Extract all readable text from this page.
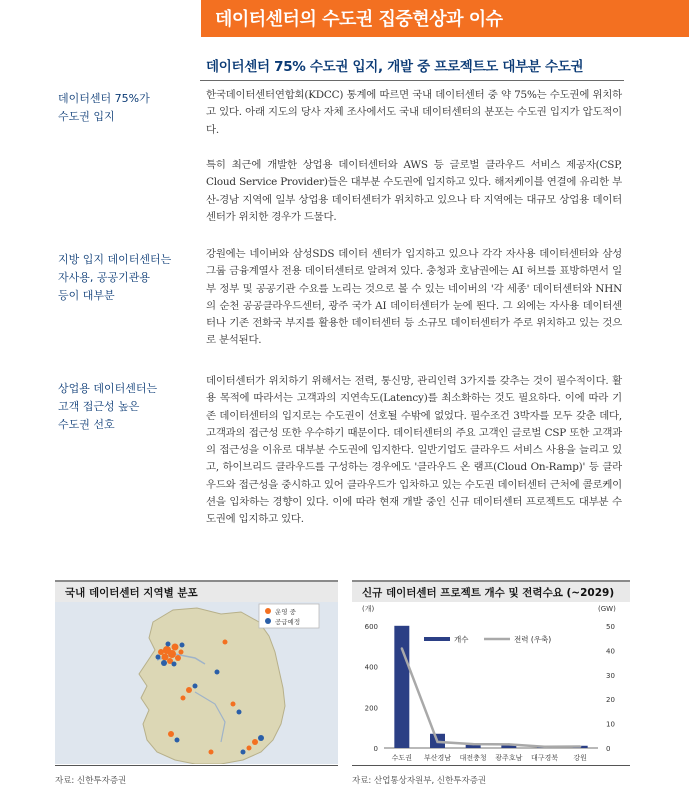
데이터센터의 수도권 집중현상과 이슈
데이터센터 75% 수도권 입지, 개발 중 프로젝트도 대부분 수도권
데이터센터 75%가
수도권 입지
지방 입지 데이터센터는
자사용, 공공기관용
등이 대부분
상업용 데이터센터는
고객 접근성 높은
수도권 선호

한국데이터센터연합회(KDCC) 통계에 따르면 국내 데이터센터 중 약 75%는 수도권에 위치하고 있다. 아래 지도의 당사 자체 조사에서도 국내 데이터센터의 분포는 수도권 입지가 압도적이다.

특히 최근에 개발한 상업용 데이터센터와 AWS 등 글로벌 클라우드 서비스 제공자(CSP, Cloud Service Provider)들은 대부분 수도권에 입지하고 있다. 해저케이블 연결에 유리한 부산-경남 지역에 일부 상업용 데이터센터가 위치하고 있으나 타 지역에는 대규모 상업용 데이터센터가 위치한 경우가 드물다.

강원에는 네이버와 삼성SDS 데이터 센터가 입지하고 있으나 각각 자사용 데이터센터와 삼성그룹 금융계열사 전용 데이터센터로 알려져 있다. 충청과 호남권에는 AI 허브를 표방하면서 일부 정부 및 공공기관 수요를 노리는 것으로 볼 수 있는 네이버의 '각 세종' 데이터센터와 NHN의 순천 공공클라우드센터, 광주 국가 AI 데이터센터가 눈에 띈다. 그 외에는 자사용 데이터센터나 기존 전화국 부지를 활용한 데이터센터 등 소규모 데이터센터가 주로 위치하고 있는 것으로 분석된다.

데이터센터가 위치하기 위해서는 전력, 통신망, 관리인력 3가지를 갖추는 것이 필수적이다. 활용 목적에 따라서는 고객과의 지연속도(Latency)를 최소화하는 것도 필요하다. 이에 따라 기존 데이터센터의 입지로는 수도권이 선호될 수밖에 없었다. 필수조건 3박자를 모두 갖춘 데다, 고객과의 접근성 또한 우수하기 때문이다. 데이터센터의 주요 고객인 글로벌 CSP 또한 고객과의 접근성을 이유로 대부분 수도권에 입지한다. 일반기업도 클라우드 서비스 사용을 늘리고 있고, 하이브리드 클라우드를 구성하는 경우에도 '클라우드 온 램프(Cloud On-Ramp)' 등 클라우드와 접근성을 중시하고 있어 클라우드가 입차하고 있는 수도권 데이터센터 근처에 콜로케이션을 입차하는 경향이 있다. 이에 따라 현재 개발 중인 신규 데이터센터 프로젝트도 대부분 수도권에 입지하고 있다.

국내 데이터센터 지역별 분포
운영 중
공급예정
자료: 신한투자증권
신규 데이터센터 프로젝트 개수 및 전력수요 (~2029)
(개)	(GW)
0
200
400
600
0
10
20
30
40
50
수도권 부산경남 대전충청 광주호남 대구경북 강원
개수	전력 (우축)
자료: 산업통상자원부, 신한투자증권
